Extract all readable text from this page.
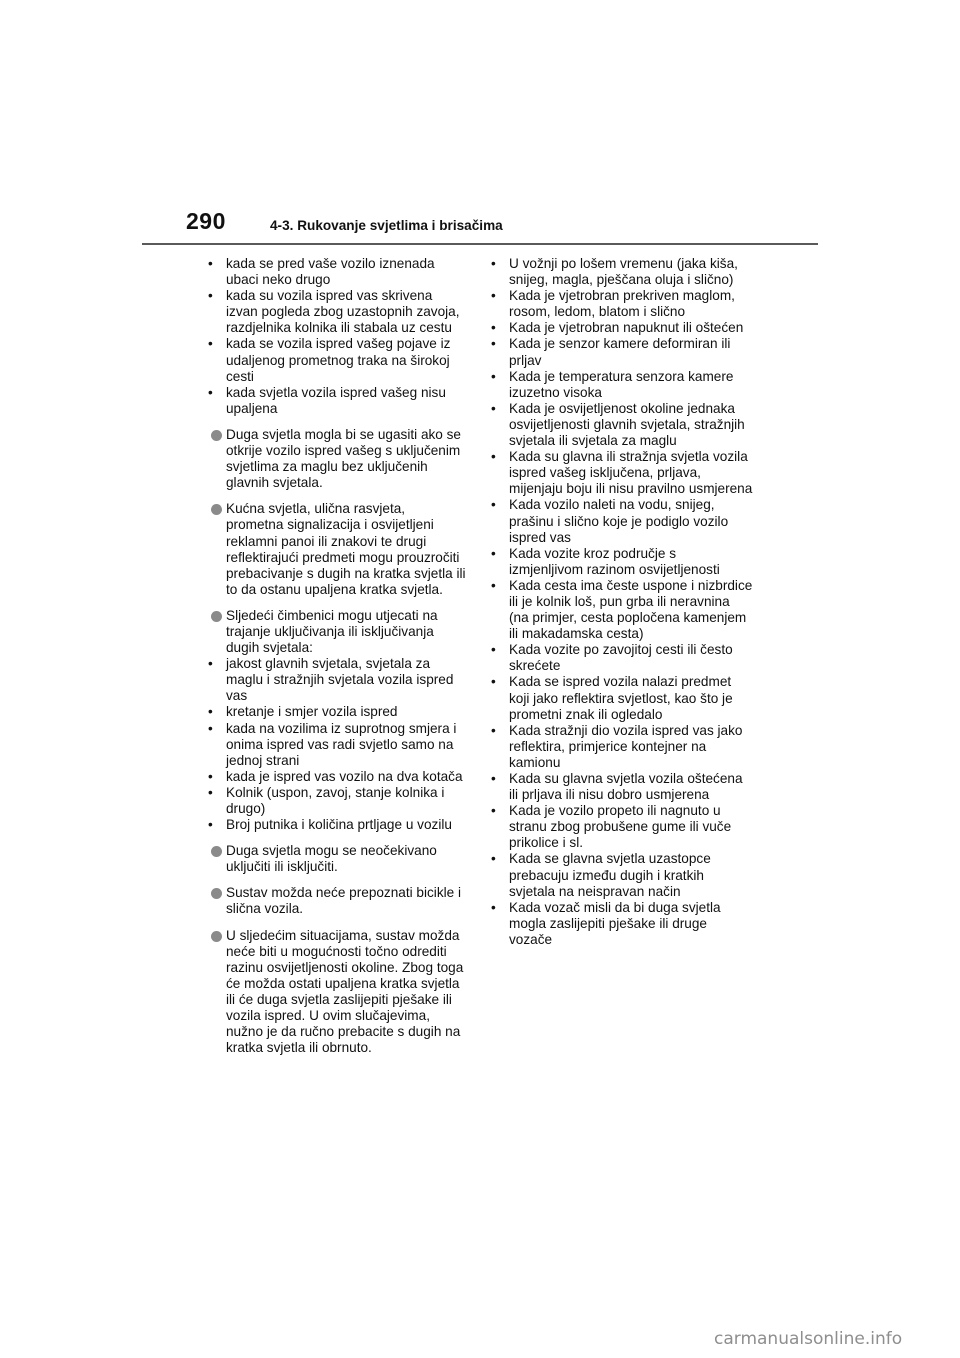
290	4-3. Rukovanje svjetlima i brisačima
• kada se pred vaše vozilo iznenada ubaci neko drugo
• kada su vozila ispred vas skrivena izvan pogleda zbog uzastopnih zavoja, razdjelnika kolnika ili stabala uz cestu
• kada se vozila ispred vašeg pojave iz udaljenog prometnog traka na širokoj cesti
• kada svjetla vozila ispred vašeg nisu upaljena
Duga svjetla mogla bi se ugasiti ako se otkrije vozilo ispred vašeg s uključenim svjetlima za maglu bez uključenih glavnih svjetala.
Kućna svjetla, ulična rasvjeta, prometna signalizacija i osvijetljeni reklamni panoi ili znakovi te drugi reflektirajući predmeti mogu prouzročiti prebacivanje s dugih na kratka svjetla ili to da ostanu upaljena kratka svjetla.
Sljedeći čimbenici mogu utjecati na trajanje uključivanja ili isključivanja dugih svjetala:
• jakost glavnih svjetala, svjetala za maglu i stražnjih svjetala vozila ispred vas
• kretanje i smjer vozila ispred
• kada na vozilima iz suprotnog smjera i onima ispred vas radi svjetlo samo na jednoj strani
• kada je ispred vas vozilo na dva kotača
• Kolnik (uspon, zavoj, stanje kolnika i drugo)
• Broj putnika i količina prtljage u vozilu
Duga svjetla mogu se neočekivano uključiti ili isključiti.
Sustav možda neće prepoznati bicikle i slična vozila.
U sljedećim situacijama, sustav možda neće biti u mogućnosti točno odrediti razinu osvijetljenosti okoline. Zbog toga će možda ostati upaljena kratka svjetla ili će duga svjetla zaslijepiti pješake ili vozila ispred. U ovim slučajevima, nužno je da ručno prebacite s dugih na kratka svjetla ili obrnuto.
• U vožnji po lošem vremenu (jaka kiša, snijeg, magla, pješčana oluja i slično)
• Kada je vjetrobran prekriven maglom, rosom, ledom, blatom i slično
• Kada je vjetrobran napuknut ili oštećen
• Kada je senzor kamere deformiran ili prljav
• Kada je temperatura senzora kamere izuzetno visoka
• Kada je osvijetljenost okoline jednaka osvijetljenosti glavnih svjetala, stražnjih svjetala ili svjetala za maglu
• Kada su glavna ili stražnja svjetla vozila ispred vašeg isključena, prljava, mijenjaju boju ili nisu pravilno usmjerena
• Kada vozilo naleti na vodu, snijeg, prašinu i slično koje je podiglo vozilo ispred vas
• Kada vozite kroz područje s izmjenljivom razinom osvijetljenosti
• Kada cesta ima česte uspone i nizbrdice ili je kolnik loš, pun grba ili neravnina (na primjer, cesta popločena kamenjem ili makadamska cesta)
• Kada vozite po zavojitoj cesti ili često skrećete
• Kada se ispred vozila nalazi predmet koji jako reflektira svjetlost, kao što je prometni znak ili ogledalo
• Kada stražnji dio vozila ispred vas jako reflektira, primjerice kontejner na kamionu
• Kada su glavna svjetla vozila oštećena ili prljava ili nisu dobro usmjerena
• Kada je vozilo propeto ili nagnuto u stranu zbog probušene gume ili vuče prikolice i sl.
• Kada se glavna svjetla uzastopce prebacuju između dugih i kratkih svjetala na neispravan način
• Kada vozač misli da bi duga svjetla mogla zaslijepiti pješake ili druge vozače
carmanualsonline.info
